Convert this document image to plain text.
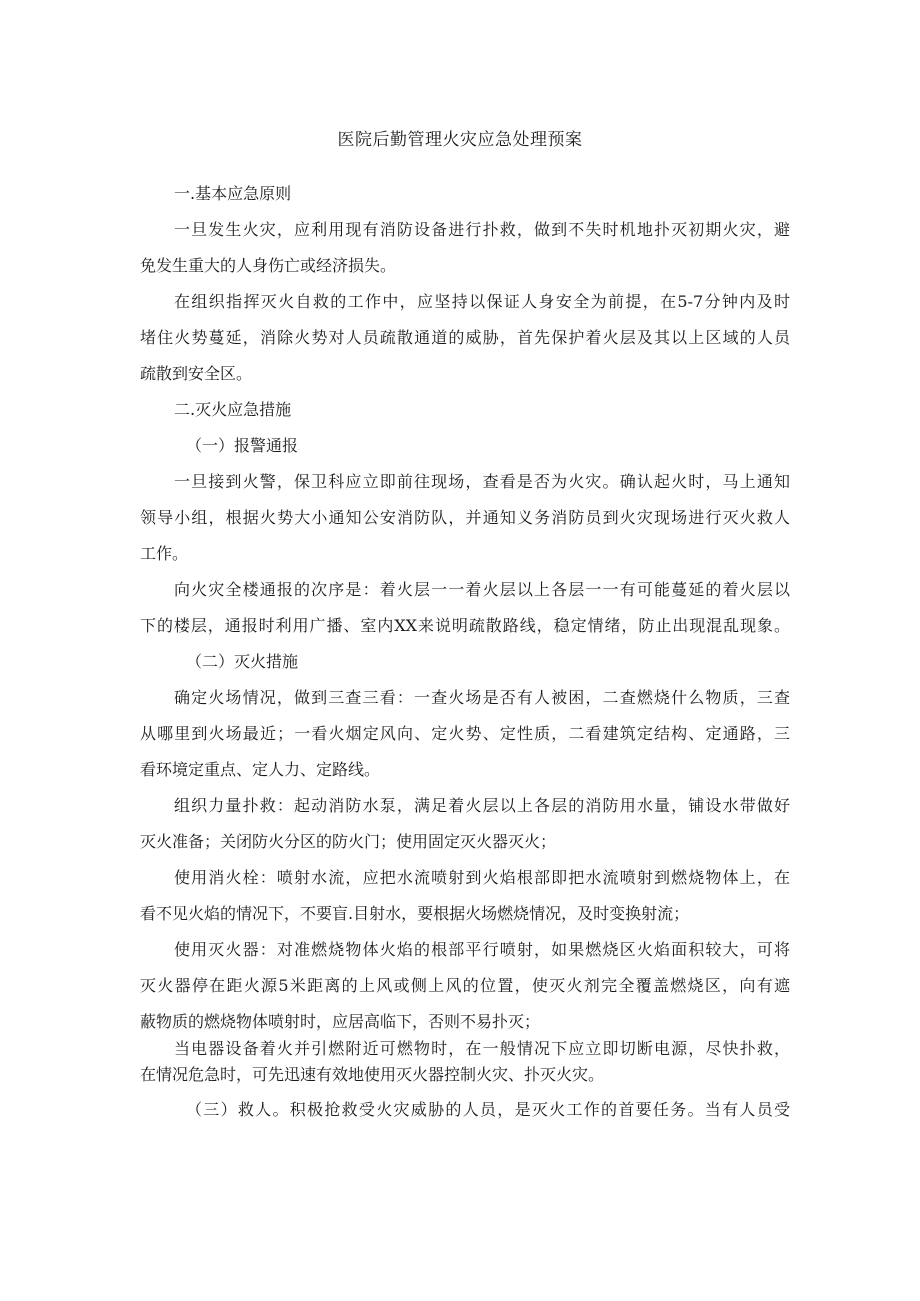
医院后勤管理火灾应急处理预案
一.基本应急原则
一旦发生火灾，应利用现有消防设备进行扑救，做到不失时机地扑灭初期火灾，避
免发生重大的人身伤亡或经济损失。
在组织指挥灭火自救的工作中，应坚持以保证人身安全为前提，在5-7分钟内及时
堵住火势蔓延，消除火势对人员疏散通道的威胁，首先保护着火层及其以上区域的人员
疏散到安全区。
二.灭火应急措施
（一）报警通报
一旦接到火警，保卫科应立即前往现场，查看是否为火灾。确认起火时，马上通知
领导小组，根据火势大小通知公安消防队，并通知义务消防员到火灾现场进行灭火救人
工作。
向火灾全楼通报的次序是：着火层一一着火层以上各层一一有可能蔓延的着火层以
下的楼层，通报时利用广播、室内XX来说明疏散路线，稳定情绪，防止出现混乱现象。
（二）灭火措施
确定火场情况，做到三查三看：一查火场是否有人被困，二查燃烧什么物质，三查
从哪里到火场最近；一看火烟定风向、定火势、定性质，二看建筑定结构、定通路，三
看环境定重点、定人力、定路线。
组织力量扑救：起动消防水泵，满足着火层以上各层的消防用水量，铺设水带做好
灭火准备；关闭防火分区的防火门；使用固定灭火器灭火；
使用消火栓：喷射水流，应把水流喷射到火焰根部即把水流喷射到燃烧物体上，在
看不见火焰的情况下，不要盲.目射水，要根据火场燃烧情况，及时变换射流；
使用灭火器：对准燃烧物体火焰的根部平行喷射，如果燃烧区火焰面积较大，可将
灭火器停在距火源5米距离的上风或侧上风的位置，使灭火剂完全覆盖燃烧区，向有遮
蔽物质的燃烧物体喷射时，应居高临下，否则不易扑灭；
当电器设备着火并引燃附近可燃物时，在一般情况下应立即切断电源，尽快扑救，
在情况危急时，可先迅速有效地使用灭火器控制火灾、扑灭火灾。
（三）救人。积极抢救受火灾威胁的人员，是灭火工作的首要任务。当有人员受
